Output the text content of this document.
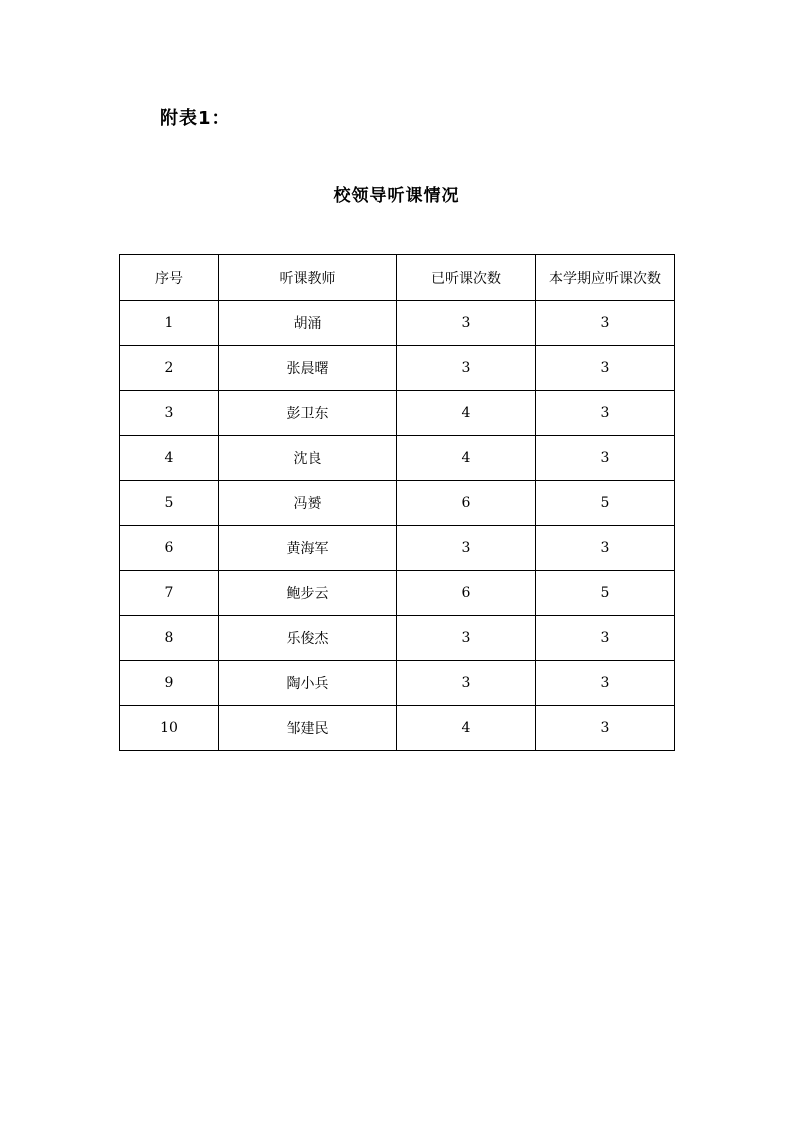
附表1：
校领导听课情况
序号	听课教师	已听课次数	本学期应听课次数
1	胡涌	3	3
2	张晨曙	3	3
3	彭卫东	4	3
4	沈良	4	3
5	冯赟	6	5
6	黄海军	3	3
7	鲍步云	6	5
8	乐俊杰	3	3
9	陶小兵	3	3
10	邹建民	4	3
